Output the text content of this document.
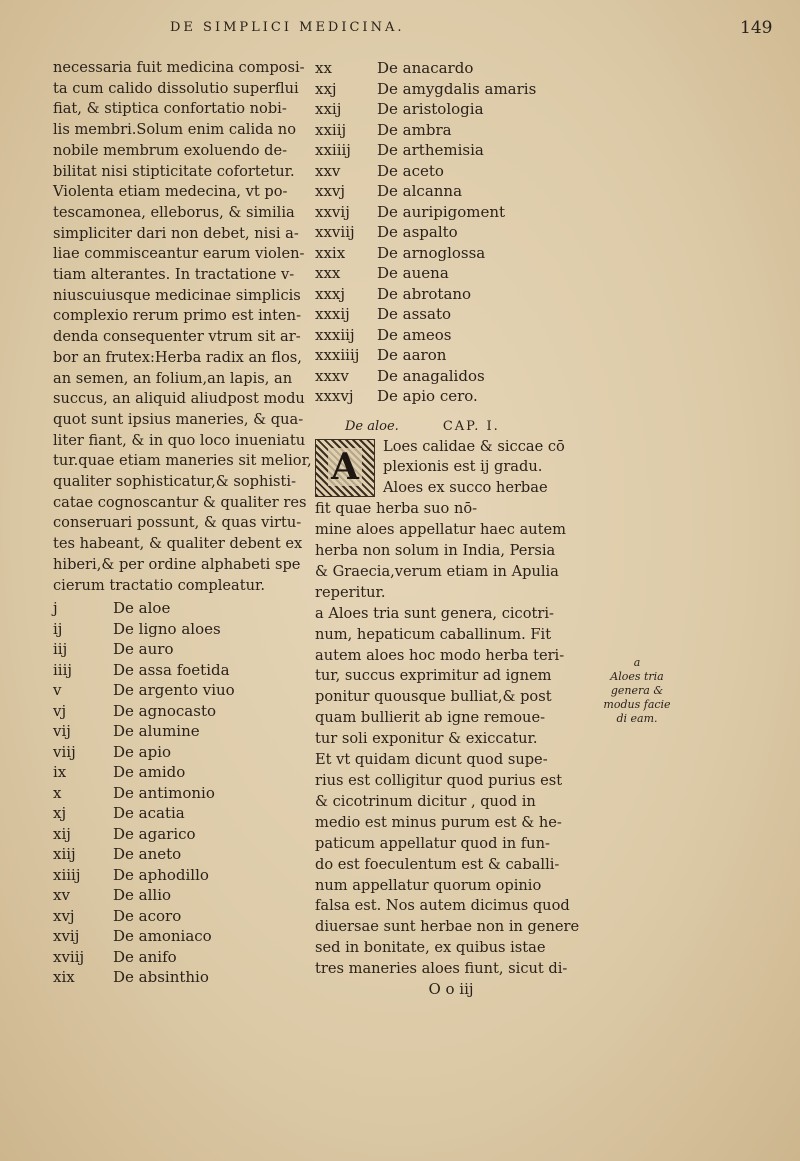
DE SIMPLICI MEDICINA.	149

necessaria fuit medicina composi-
ta cum calido dissolutio superflui
fiat, & stiptica confortatio nobi-
lis membri.Solum enim calida no
nobile membrum exoluendo de-
bilitat nisi stipticitate cofortetur.
Violenta etiam medecina, vt po-
tescamonea, elleborus, & similia
simpliciter dari non debet, nisi a-
liae commisceantur earum violen-
tiam alterantes. In tractatione v-
niuscuiusque medicinae simplicis
complexio rerum primo est inten-
denda consequenter vtrum sit ar-
bor an frutex:Herba radix an flos,
an semen, an folium,an lapis, an
succus, an aliquid aliudpost modu
quot sunt ipsius maneries, & qua-
liter fiant, & in quo loco inueniatu
tur.quae etiam maneries sit melior,
qualiter sophisticatur,& sophisti-
catae cognoscantur & qualiter res
conseruari possunt, & quas virtu-
tes habeant, & qualiter debent ex
hiberi,& per ordine alphabeti spe
cierum tractatio compleatur.

j	De aloe
ij	De ligno aloes
iij	De auro
iiij	De assa foetida
v	De argento viuo
vj	De agnocasto
vij	De alumine
viij	De apio
ix	De amido
x	De antimonio
xj	De acatia
xij	De agarico
xiij	De aneto
xiiij	De aphodillo
xv	De allio
xvj	De acoro
xvij	De amoniaco
xviij	De anifo
xix	De absinthio
xx	De anacardo
xxj	De amygdalis amaris
xxij	De aristologia
xxiij	De ambra
xxiiij	De arthemisia
xxv	De aceto
xxvj	De alcanna
xxvij	De auripigoment
xxviij	De aspalto
xxix	De arnoglossa
xxx	De auena
xxxj	De abrotano
xxxij	De assato
xxxiij	De ameos
xxxiiij	De aaron
xxxv	De anagalidos
xxxvj	De apio cero.
De aloe.	CAP. I.
A	Loes calidae & siccae cō
plexionis est ij gradu.
Aloes ex succo herbae
fit quae herba suo nō-
mine aloes appellatur haec autem
herba non solum in India, Persia
& Graecia,verum etiam in Apulia
reperitur.
a Aloes tria sunt genera, cicotri-
num, hepaticum caballinum. Fit
autem aloes hoc modo herba teri-
tur, succus exprimitur ad ignem
ponitur quousque bulliat,& post
quam bullierit ab igne remoue-
tur soli exponitur & exiccatur.
Et vt quidam dicunt quod supe-
rius est colligitur quod purius est
& cicotrinum dicitur , quod in
medio est minus purum est & he-
paticum appellatur quod in fun-
do est foeculentum est & caballi-
num appellatur quorum opinio
falsa est. Nos autem dicimus quod
diuersae sunt herbae non in genere
sed in bonitate, ex quibus istae
tres maneries aloes fiunt, sicut di-

O o iij
a
Aloes tria
genera &
modus facie
di eam.
